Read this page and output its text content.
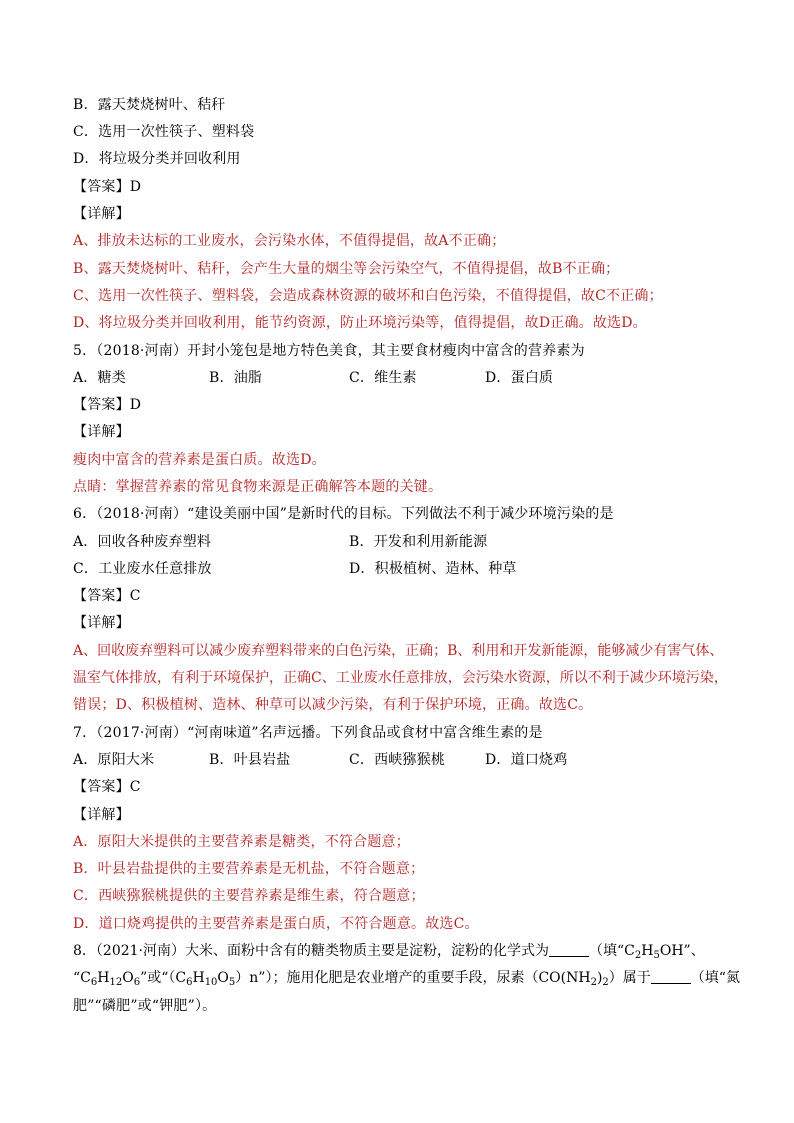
B．露天焚烧树叶、秸秆
C．选用一次性筷子、塑料袋
D．将垃圾分类并回收利用
【答案】D
【详解】
A、排放未达标的工业废水，会污染水体，不值得提倡，故A不正确；
B、露天焚烧树叶、秸秆，会产生大量的烟尘等会污染空气，不值得提倡，故B不正确；
C、选用一次性筷子、塑料袋，会造成森林资源的破坏和白色污染，不值得提倡，故C不正确；
D、将垃圾分类并回收利用，能节约资源，防止环境污染等，值得提倡，故D正确。故选D。
5．（2018·河南）开封小笼包是地方特色美食，其主要食材瘦肉中富含的营养素为
A．糖类	B．油脂	C．维生素	D．蛋白质
【答案】D
【详解】
瘦肉中富含的营养素是蛋白质。故选D。
点睛：掌握营养素的常见食物来源是正确解答本题的关键。
6．（2018·河南）“建设美丽中国”是新时代的目标。下列做法不利于减少环境污染的是
A．回收各种废弃塑料	B．开发和利用新能源
C．工业废水任意排放	D．积极植树、造林、种草
【答案】C
【详解】
A、回收废弃塑料可以减少废弃塑料带来的白色污染，正确；B、利用和开发新能源，能够减少有害气体、
温室气体排放，有利于环境保护，正确C、工业废水任意排放，会污染水资源，所以不利于减少环境污染，
错误；D、积极植树、造林、种草可以减少污染，有利于保护环境，正确。故选C。
7．（2017·河南）“河南味道”名声远播。下列食品或食材中富含维生素的是
A．原阳大米	B．叶县岩盐	C．西峡猕猴桃	D．道口烧鸡
【答案】C
【详解】
A．原阳大米提供的主要营养素是糖类，不符合题意；
B．叶县岩盐提供的主要营养素是无机盐，不符合题意；
C．西峡猕猴桃提供的主要营养素是维生素，符合题意；
D．道口烧鸡提供的主要营养素是蛋白质，不符合题意。故选C。
8．（2021·河南）大米、面粉中含有的糖类物质主要是淀粉，淀粉的化学式为	（填“$C_2H_5OH$”、
“$C_6H_{12}O_6$”或“$(C_6H_{10}O_5)n$”）；施用化肥是农业增产的重要手段，尿素$(CO(NH_2)_2)$属于	（填“氮
肥”“磷肥”或“钾肥”）。
